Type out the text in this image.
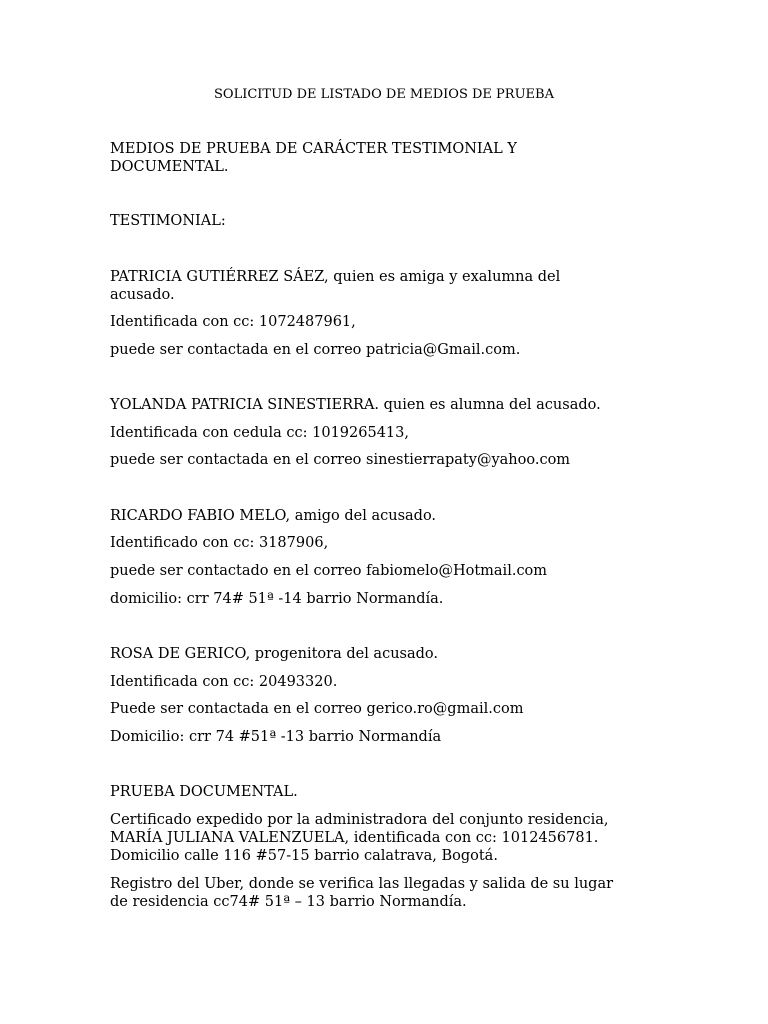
SOLICITUD DE LISTADO DE MEDIOS DE PRUEBA
MEDIOS DE PRUEBA DE CARÁCTER TESTIMONIAL Y
DOCUMENTAL.
TESTIMONIAL:
PATRICIA GUTIÉRREZ SÁEZ, quien es amiga y exalumna del
acusado.
Identificada con cc: 1072487961,
puede ser contactada en el correo patricia@Gmail.com.
YOLANDA PATRICIA SINESTIERRA. quien es alumna del acusado.
Identificada con cedula cc: 1019265413,
puede ser contactada en el correo sinestierrapaty@yahoo.com
RICARDO FABIO MELO, amigo del acusado.
Identificado con cc: 3187906,
puede ser contactado en el correo fabiomelo@Hotmail.com
domicilio: crr 74# 51ª -14 barrio Normandía.
ROSA DE GERICO, progenitora del acusado.
Identificada con cc: 20493320.
Puede ser contactada en el correo gerico.ro@gmail.com
Domicilio: crr 74 #51ª -13 barrio Normandía
PRUEBA DOCUMENTAL.
Certificado expedido por la administradora del conjunto residencia,
MARÍA JULIANA VALENZUELA, identificada con cc: 1012456781.
Domicilio calle 116 #57-15 barrio calatrava, Bogotá.
Registro del Uber, donde se verifica las llegadas y salida de su lugar
de residencia cc74# 51ª – 13 barrio Normandía.
